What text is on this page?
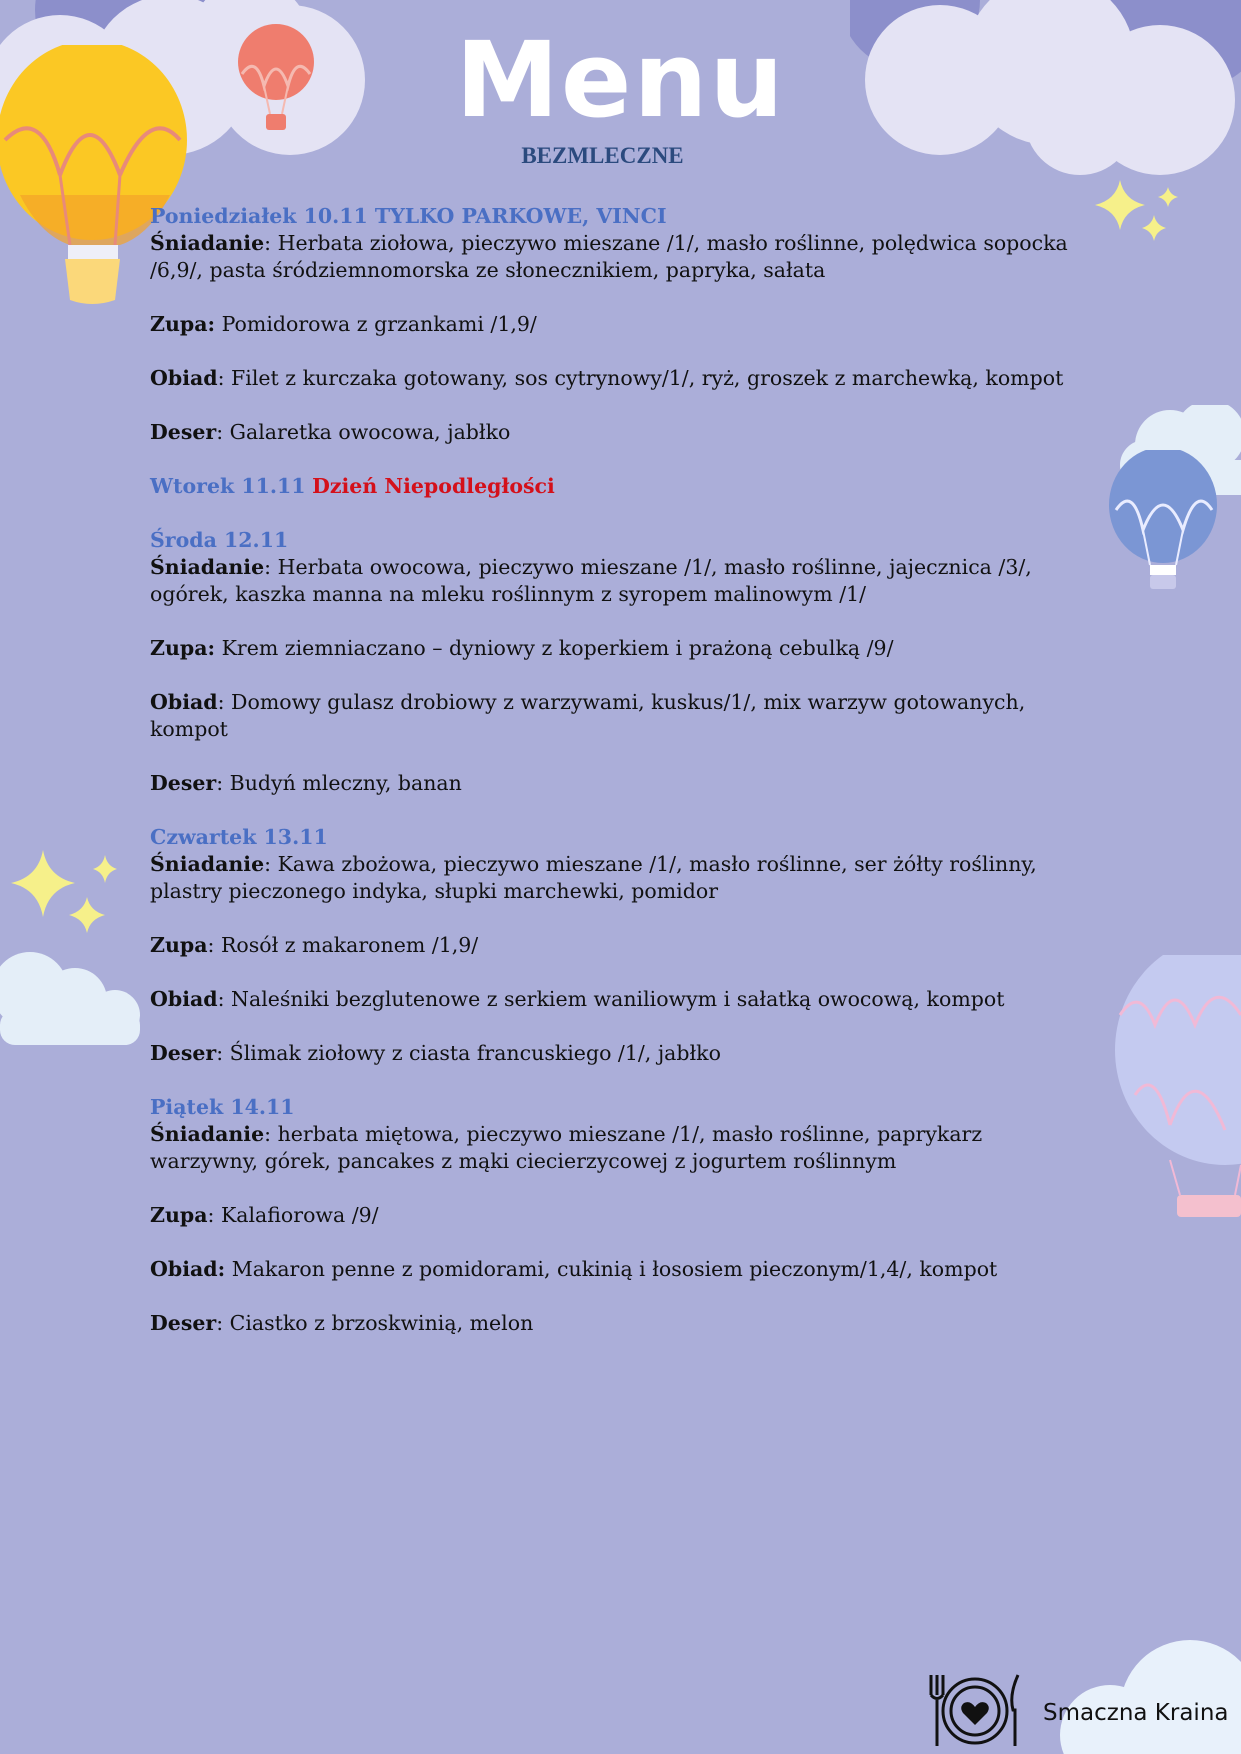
Menu
BEZMLECZNE

Poniedziałek 10.11 TYLKO PARKOWE, VINCI

Śniadanie: Herbata ziołowa, pieczywo mieszane /1/, masło roślinne, polędwica sopocka /6,9/, pasta śródziemnomorska ze słonecznikiem, papryka, sałata

Zupa: Pomidorowa z grzankami /1,9/

Obiad: Filet z kurczaka gotowany, sos cytrynowy/1/, ryż, groszek z marchewką, kompot

Deser: Galaretka owocowa, jabłko

Wtorek 11.11 Dzień Niepodległości

Środa 12.11

Śniadanie: Herbata owocowa, pieczywo mieszane /1/, masło roślinne, jajecznica /3/, ogórek, kaszka manna na mleku roślinnym z syropem malinowym /1/

Zupa: Krem ziemniaczano – dyniowy z koperkiem i prażoną cebulką /9/

Obiad: Domowy gulasz drobiowy z warzywami, kuskus/1/, mix warzyw gotowanych, kompot

Deser: Budyń mleczny, banan

Czwartek 13.11

Śniadanie: Kawa zbożowa, pieczywo mieszane /1/, masło roślinne, ser żółty roślinny, plastry pieczonego indyka, słupki marchewki, pomidor

Zupa: Rosół z makaronem /1,9/

Obiad: Naleśniki bezglutenowe z serkiem waniliowym i sałatką owocową, kompot

Deser: Ślimak ziołowy z ciasta francuskiego /1/, jabłko

Piątek 14.11

Śniadanie: herbata miętowa, pieczywo mieszane /1/, masło roślinne, paprykarz warzywny, górek, pancakes z mąki ciecierzycowej z jogurtem roślinnym

Zupa: Kalafiorowa /9/

Obiad: Makaron penne z pomidorami, cukinią i łososiem pieczonym/1,4/, kompot

Deser: Ciastko z brzoskwinią, melon

Smaczna Kraina
